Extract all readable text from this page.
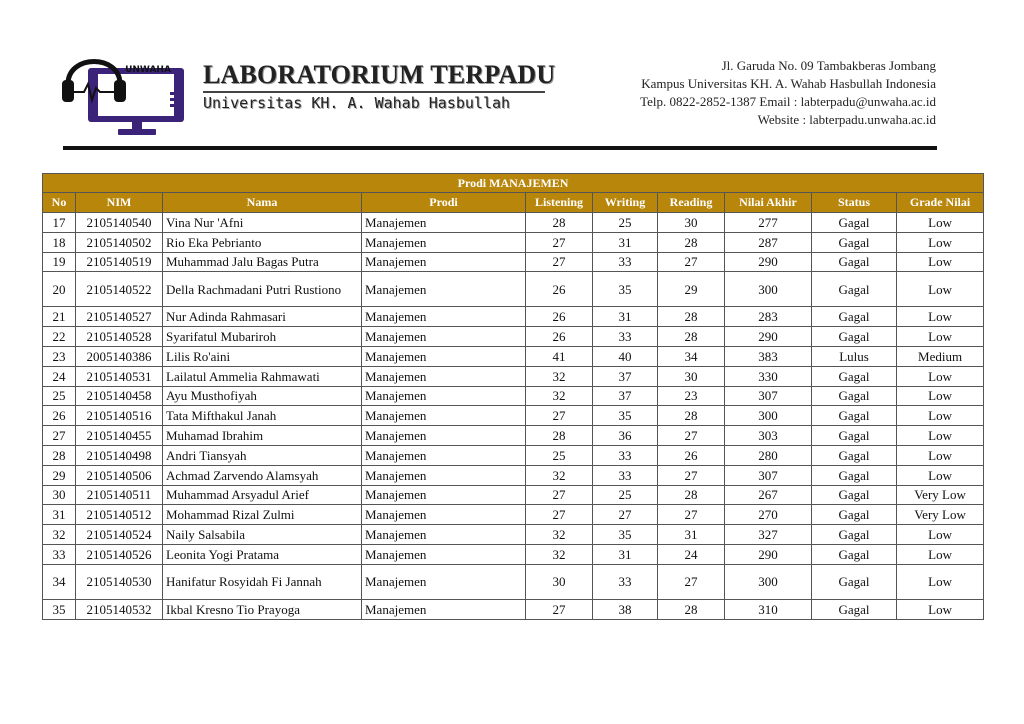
UNWAHA LABORATORIUM TERPADU
Universitas KH. A. Wahab Hasbullah
Jl. Garuda No. 09 Tambakberas Jombang
Kampus Universitas KH. A. Wahab Hasbullah Indonesia
Telp. 0822-2852-1387 Email : labterpadu@unwaha.ac.id
Website : labterpadu.unwaha.ac.id
Prodi MANAJEMEN									
No	NIM	Nama	Prodi	Listening	Writing	Reading	Nilai Akhir	Status	Grade Nilai
17	2105140540	Vina Nur 'Afni	Manajemen	28	25	30	277	Gagal	Low
18	2105140502	Rio Eka Pebrianto	Manajemen	27	31	28	287	Gagal	Low
19	2105140519	Muhammad Jalu Bagas Putra	Manajemen	27	33	27	290	Gagal	Low
20	2105140522	Della Rachmadani Putri Rustiono	Manajemen	26	35	29	300	Gagal	Low
21	2105140527	Nur Adinda Rahmasari	Manajemen	26	31	28	283	Gagal	Low
22	2105140528	Syarifatul Mubariroh	Manajemen	26	33	28	290	Gagal	Low
23	2005140386	Lilis Ro'aini	Manajemen	41	40	34	383	Lulus	Medium
24	2105140531	Lailatul Ammelia Rahmawati	Manajemen	32	37	30	330	Gagal	Low
25	2105140458	Ayu Musthofiyah	Manajemen	32	37	23	307	Gagal	Low
26	2105140516	Tata Mifthakul Janah	Manajemen	27	35	28	300	Gagal	Low
27	2105140455	Muhamad Ibrahim	Manajemen	28	36	27	303	Gagal	Low
28	2105140498	Andri Tiansyah	Manajemen	25	33	26	280	Gagal	Low
29	2105140506	Achmad Zarvendo Alamsyah	Manajemen	32	33	27	307	Gagal	Low
30	2105140511	Muhammad Arsyadul Arief	Manajemen	27	25	28	267	Gagal	Very Low
31	2105140512	Mohammad Rizal Zulmi	Manajemen	27	27	27	270	Gagal	Very Low
32	2105140524	Naily Salsabila	Manajemen	32	35	31	327	Gagal	Low
33	2105140526	Leonita Yogi Pratama	Manajemen	32	31	24	290	Gagal	Low
34	2105140530	Hanifatur Rosyidah Fi Jannah	Manajemen	30	33	27	300	Gagal	Low
35	2105140532	Ikbal Kresno Tio Prayoga	Manajemen	27	38	28	310	Gagal	Low
